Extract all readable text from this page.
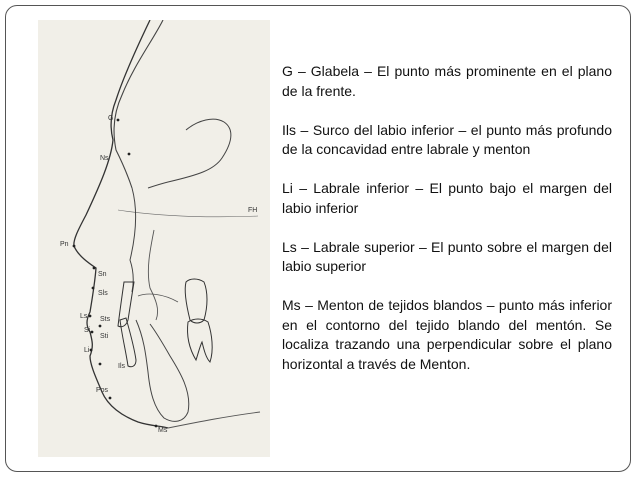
G
Ns
FH
Pn
Sn
Sls
Ls Sts
Si
Sti
Li
Ils
Pos
Ms

G – Glabela – El punto más prominente en el plano de la frente.

Ils – Surco del labio inferior – el punto más profundo de la concavidad entre labrale y menton

Li – Labrale inferior – El punto bajo el margen del labio inferior

Ls – Labrale superior – El punto sobre el margen del labio superior

Ms – Menton de tejidos blandos – punto más inferior en el contorno del tejido blando del mentón. Se localiza trazando una perpendicular sobre el plano horizontal a través de Menton.
